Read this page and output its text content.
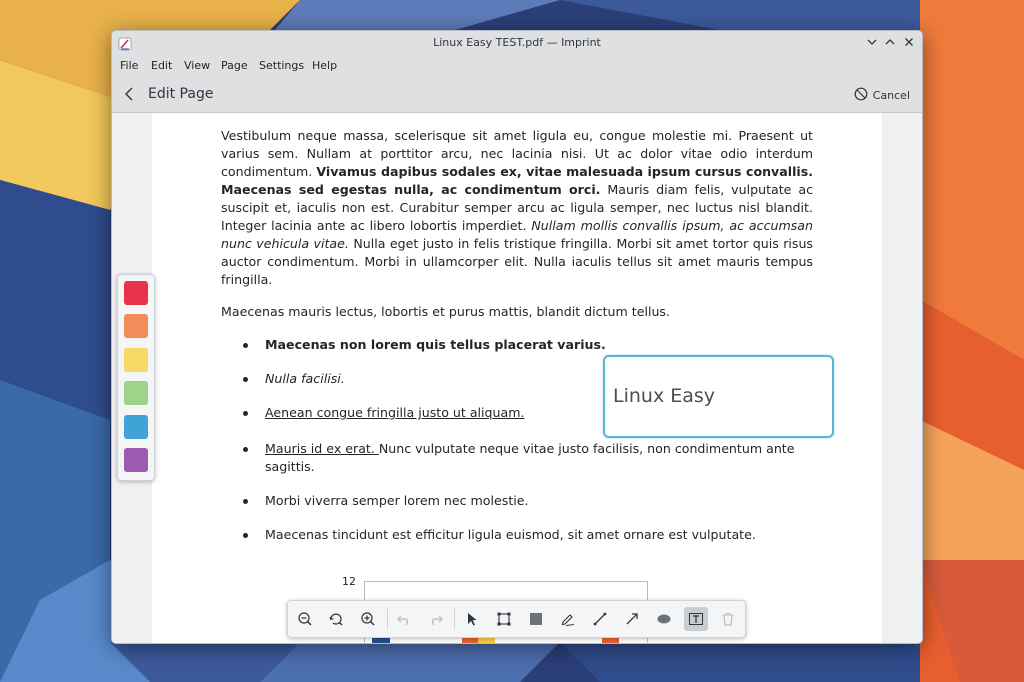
Linux Easy TEST.pdf — Imprint
File Edit View Page Settings Help
Edit Page	Cancel
Vestibulum neque massa, scelerisque sit amet ligula eu, congue molestie mi. Praesent ut varius sem. Nullam at porttitor arcu, nec lacinia nisi. Ut ac dolor vitae odio interdum condimentum. Vivamus dapibus sodales ex, vitae malesuada ipsum cursus convallis. Maecenas sed egestas nulla, ac condimentum orci. Mauris diam felis, vulputate ac suscipit et, iaculis non est. Curabitur semper arcu ac ligula semper, nec luctus nisl blandit. Integer lacinia ante ac libero lobortis imperdiet. Nullam mollis convallis ipsum, ac accumsan nunc vehicula vitae. Nulla eget justo in felis tristique fringilla. Morbi sit amet tortor quis risus auctor condimentum. Morbi in ullamcorper elit. Nulla iaculis tellus sit amet mauris tempus fringilla.
Maecenas mauris lectus, lobortis et purus mattis, blandit dictum tellus.
Maecenas non lorem quis tellus placerat varius.
Nulla facilisi.
Aenean congue fringilla justo ut aliquam.
Mauris id ex erat. Nunc vulputate neque vitae justo facilisis, non condimentum ante sagittis.
Morbi viverra semper lorem nec molestie.
Maecenas tincidunt est efficitur ligula euismod, sit amet ornare est vulputate.
12
Linux Easy
